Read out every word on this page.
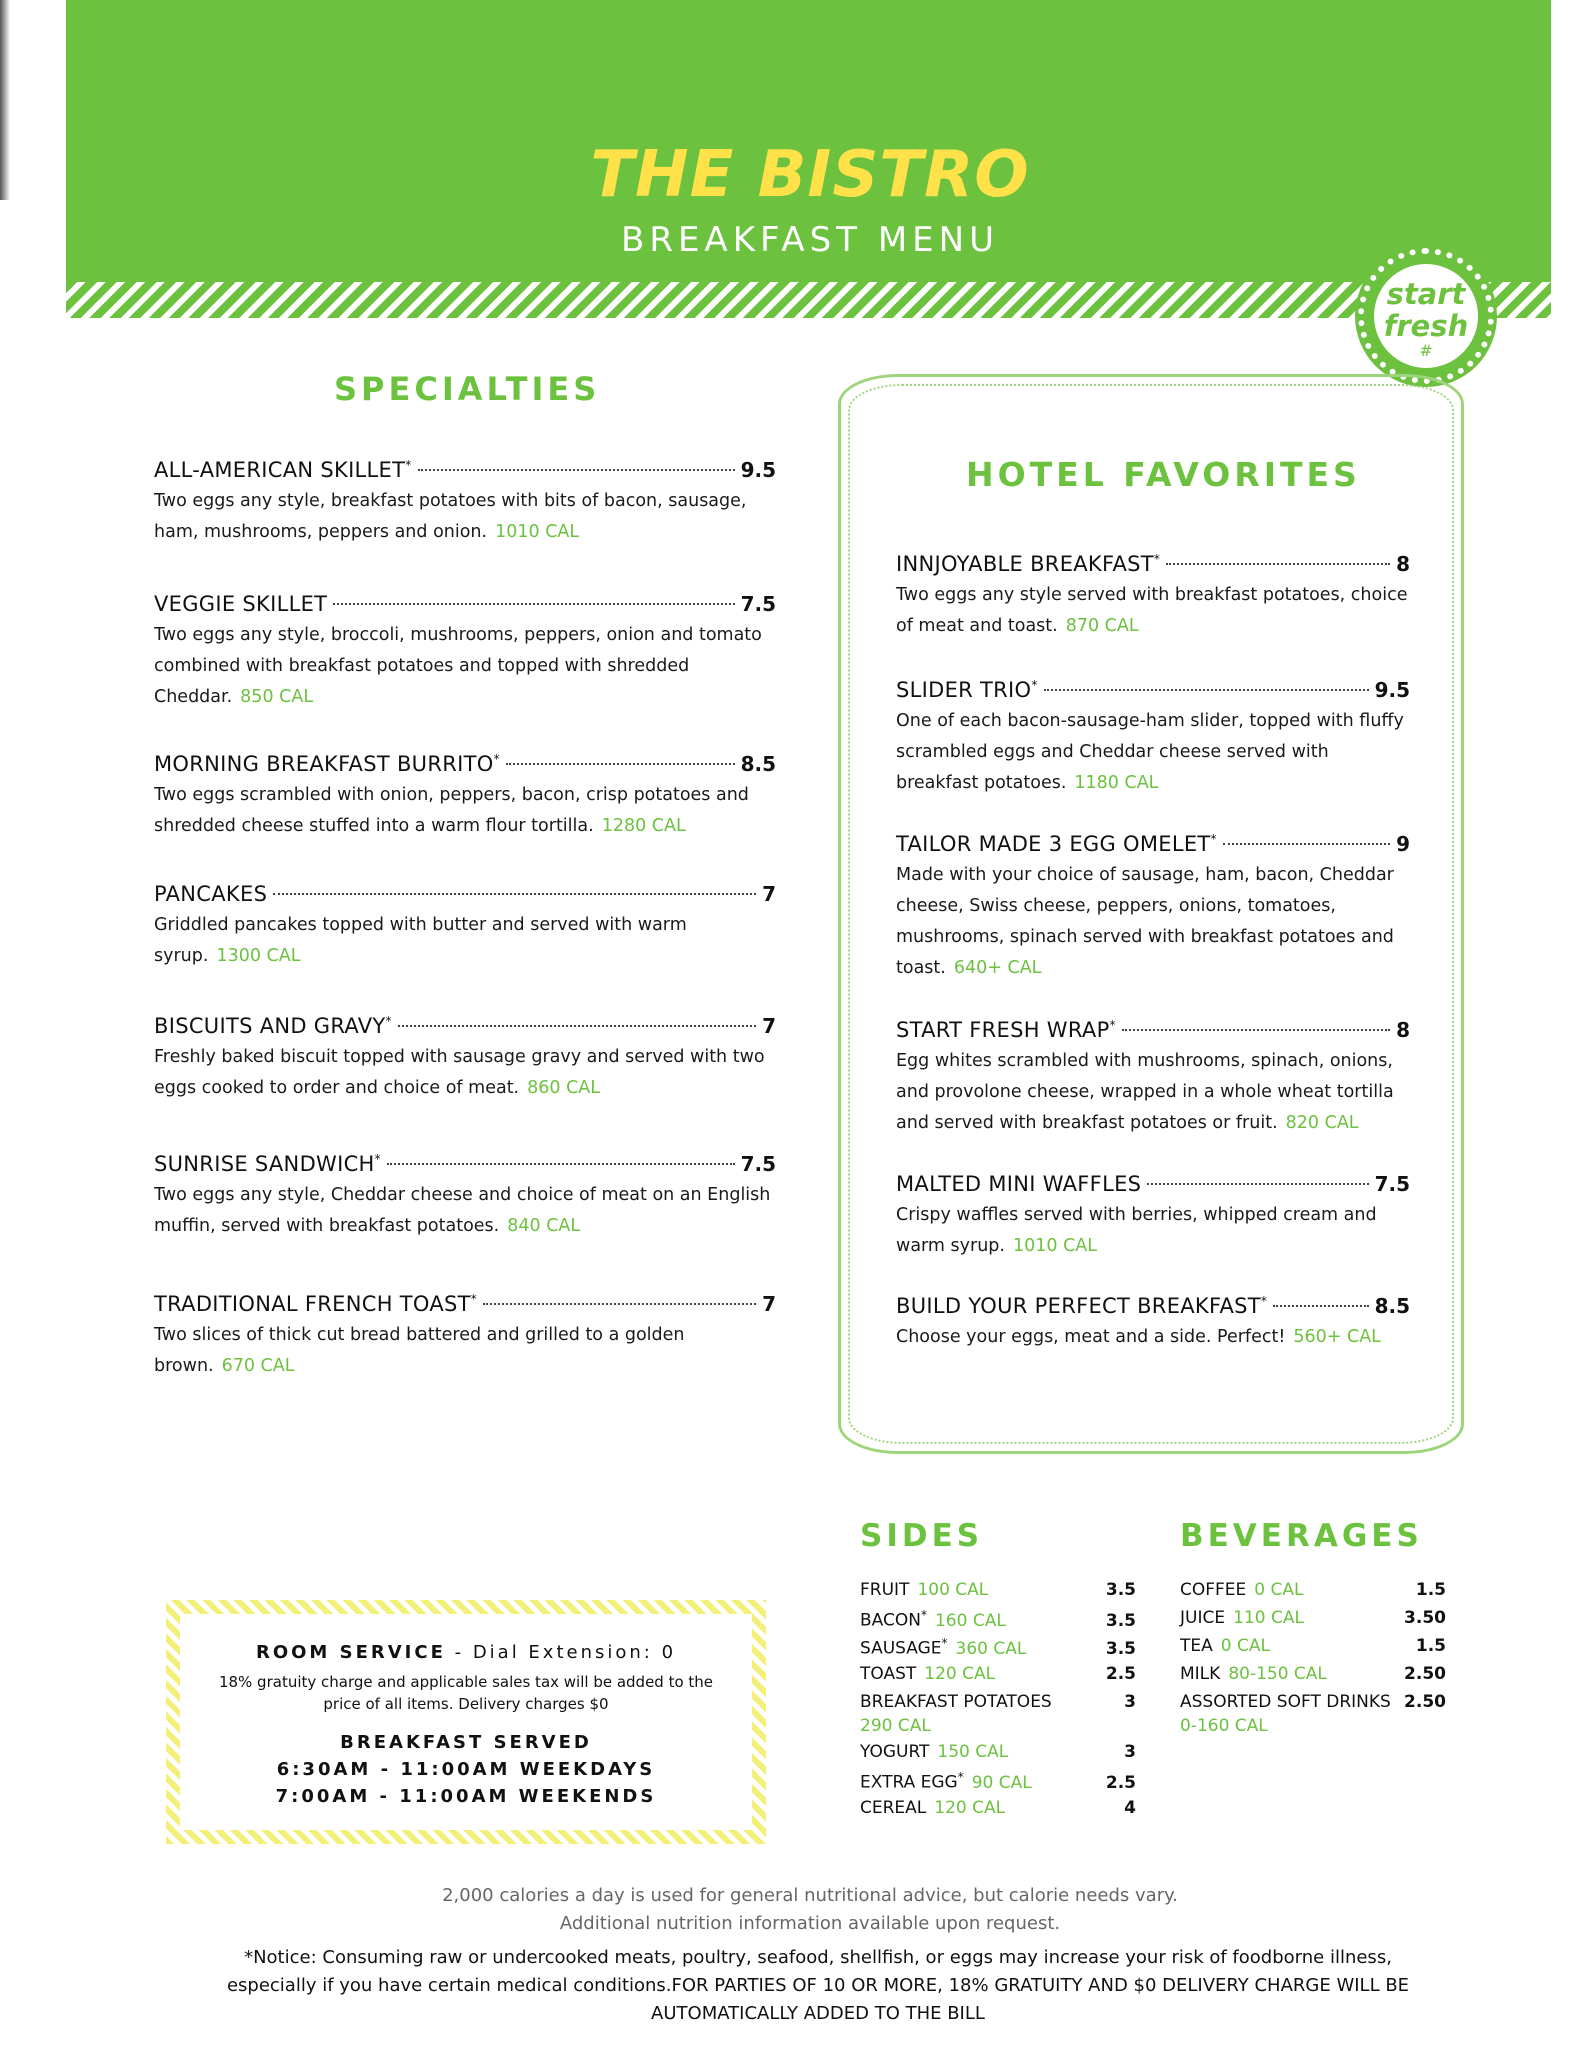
THE BISTRO
BREAKFAST MENU
start
fresh
#
SPECIALTIES
ALL-AMERICAN SKILLET*	9.5
Two eggs any style, breakfast potatoes with bits of bacon, sausage, ham, mushrooms, peppers and onion. 1010 CAL
VEGGIE SKILLET	7.5
Two eggs any style, broccoli, mushrooms, peppers, onion and tomato combined with breakfast potatoes and topped with shredded Cheddar. 850 CAL
MORNING BREAKFAST BURRITO*	8.5
Two eggs scrambled with onion, peppers, bacon, crisp potatoes and shredded cheese stuffed into a warm flour tortilla. 1280 CAL
PANCAKES	7
Griddled pancakes topped with butter and served with warm syrup. 1300 CAL
BISCUITS AND GRAVY*	7
Freshly baked biscuit topped with sausage gravy and served with two eggs cooked to order and choice of meat. 860 CAL
SUNRISE SANDWICH*	7.5
Two eggs any style, Cheddar cheese and choice of meat on an English muffin, served with breakfast potatoes. 840 CAL
TRADITIONAL FRENCH TOAST*	7
Two slices of thick cut bread battered and grilled to a golden brown. 670 CAL
HOTEL FAVORITES
INNJOYABLE BREAKFAST*	8
Two eggs any style served with breakfast potatoes, choice of meat and toast. 870 CAL
SLIDER TRIO*	9.5
One of each bacon-sausage-ham slider, topped with fluffy scrambled eggs and Cheddar cheese served with breakfast potatoes. 1180 CAL
TAILOR MADE 3 EGG OMELET*	9
Made with your choice of sausage, ham, bacon, Cheddar cheese, Swiss cheese, peppers, onions, tomatoes, mushrooms, spinach served with breakfast potatoes and toast. 640+ CAL
START FRESH WRAP*	8
Egg whites scrambled with mushrooms, spinach, onions, and provolone cheese, wrapped in a whole wheat tortilla and served with breakfast potatoes or fruit. 820 CAL
MALTED MINI WAFFLES	7.5
Crispy waffles served with berries, whipped cream and warm syrup. 1010 CAL
BUILD YOUR PERFECT BREAKFAST*	8.5
Choose your eggs, meat and a side. Perfect! 560+ CAL
SIDES
FRUIT 100 CAL	3.5
BACON* 160 CAL	3.5
SAUSAGE* 360 CAL	3.5
TOAST 120 CAL	2.5
BREAKFAST POTATOES	3
290 CAL
YOGURT 150 CAL	3
EXTRA EGG* 90 CAL	2.5
CEREAL 120 CAL	4
BEVERAGES
COFFEE 0 CAL	1.5
JUICE 110 CAL	3.50
TEA 0 CAL	1.5
MILK 80-150 CAL	2.50
ASSORTED SOFT DRINKS 2.50
0-160 CAL
ROOM SERVICE - Dial Extension: 0
18% gratuity charge and applicable sales tax will be added to the price of all items. Delivery charges $0
BREAKFAST SERVED
6:30AM - 11:00AM WEEKDAYS
7:00AM - 11:00AM WEEKENDS
2,000 calories a day is used for general nutritional advice, but calorie needs vary.
Additional nutrition information available upon request.
*Notice: Consuming raw or undercooked meats, poultry, seafood, shellfish, or eggs may increase your risk of foodborne illness, especially if you have certain medical conditions.FOR PARTIES OF 10 OR MORE, 18% GRATUITY AND $0 DELIVERY CHARGE WILL BE AUTOMATICALLY ADDED TO THE BILL
